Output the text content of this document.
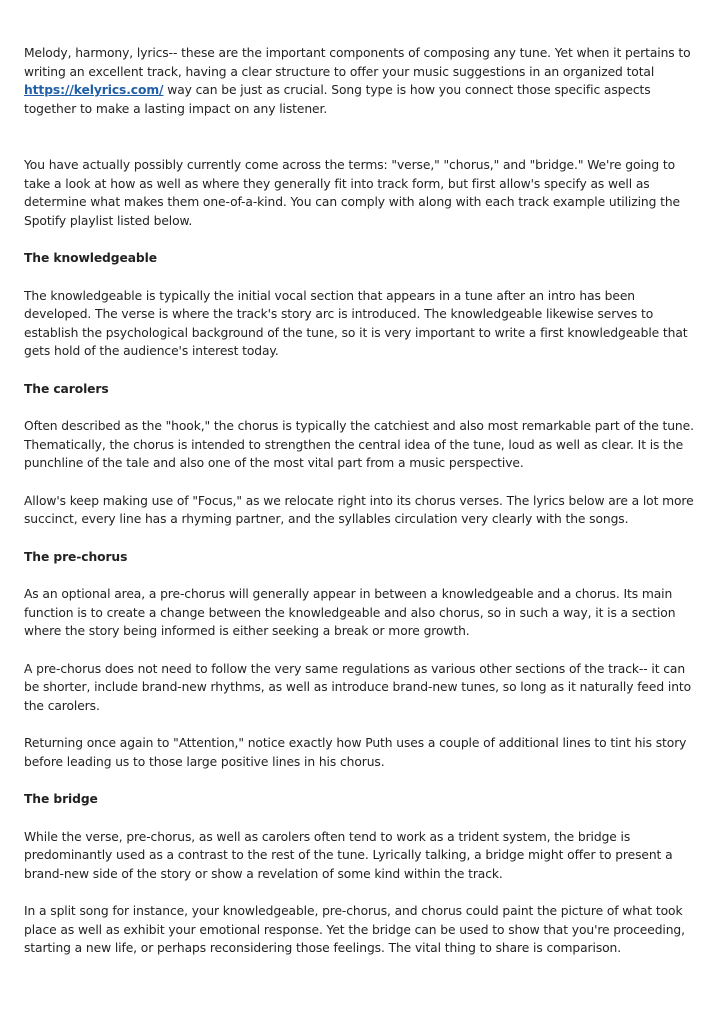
Melody, harmony, lyrics-- these are the important components of composing any tune. Yet when it pertains to writing an excellent track, having a clear structure to offer your music suggestions in an organized total https://kelyrics.com/ way can be just as crucial. Song type is how you connect those specific aspects together to make a lasting impact on any listener.

You have actually possibly currently come across the terms: "verse," "chorus," and "bridge." We're going to take a look at how as well as where they generally fit into track form, but first allow's specify as well as determine what makes them one-of-a-kind. You can comply with along with each track example utilizing the Spotify playlist listed below.

The knowledgeable

The knowledgeable is typically the initial vocal section that appears in a tune after an intro has been developed. The verse is where the track's story arc is introduced. The knowledgeable likewise serves to establish the psychological background of the tune, so it is very important to write a first knowledgeable that gets hold of the audience's interest today.

The carolers

Often described as the "hook," the chorus is typically the catchiest and also most remarkable part of the tune. Thematically, the chorus is intended to strengthen the central idea of the tune, loud as well as clear. It is the punchline of the tale and also one of the most vital part from a music perspective.

Allow's keep making use of "Focus," as we relocate right into its chorus verses. The lyrics below are a lot more succinct, every line has a rhyming partner, and the syllables circulation very clearly with the songs.

The pre-chorus

As an optional area, a pre-chorus will generally appear in between a knowledgeable and a chorus. Its main function is to create a change between the knowledgeable and also chorus, so in such a way, it is a section where the story being informed is either seeking a break or more growth.

A pre-chorus does not need to follow the very same regulations as various other sections of the track-- it can be shorter, include brand-new rhythms, as well as introduce brand-new tunes, so long as it naturally feed into the carolers.

Returning once again to "Attention," notice exactly how Puth uses a couple of additional lines to tint his story before leading us to those large positive lines in his chorus.

The bridge

While the verse, pre-chorus, as well as carolers often tend to work as a trident system, the bridge is predominantly used as a contrast to the rest of the tune. Lyrically talking, a bridge might offer to present a brand-new side of the story or show a revelation of some kind within the track.

In a split song for instance, your knowledgeable, pre-chorus, and chorus could paint the picture of what took place as well as exhibit your emotional response. Yet the bridge can be used to show that you're proceeding, starting a new life, or perhaps reconsidering those feelings. The vital thing to share is comparison.
